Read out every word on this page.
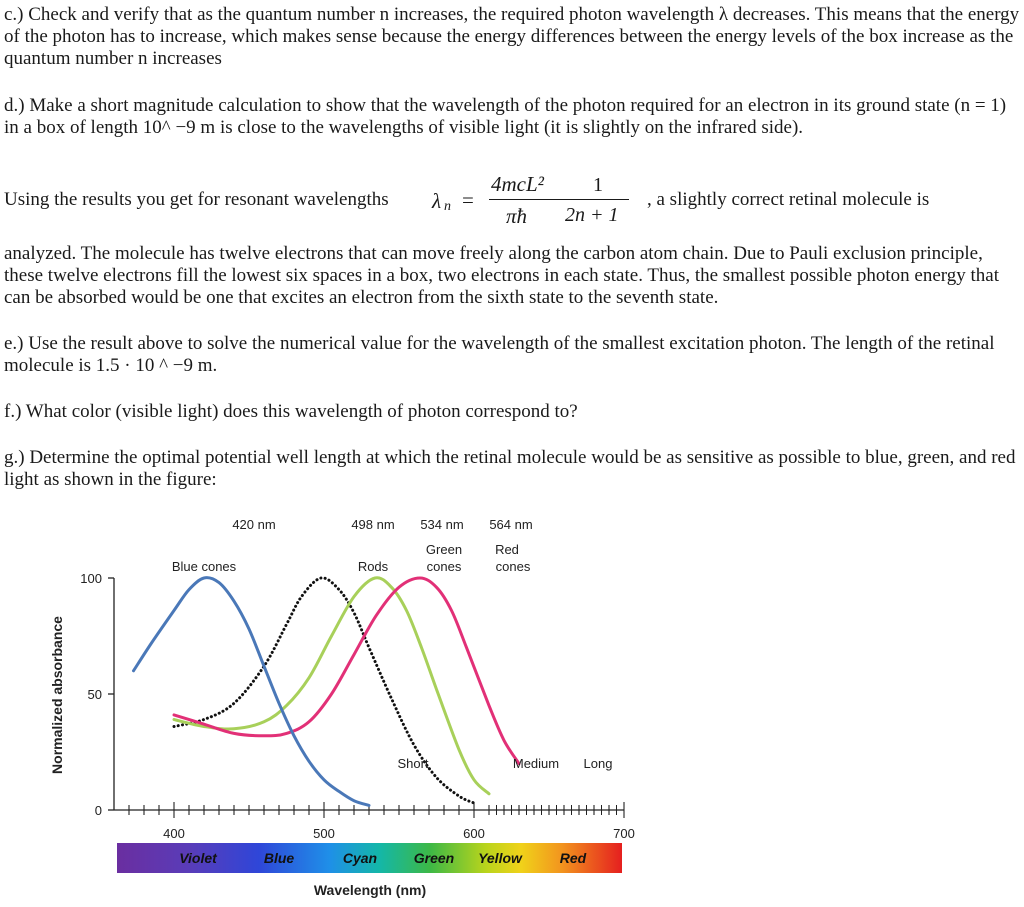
c.) Check and verify that as the quantum number n increases, the required photon wavelength λ decreases. This means that the energy of the photon has to increase, which makes sense because the energy differences between the energy levels of the box increase as the quantum number n increases

d.) Make a short magnitude calculation to show that the wavelength of the photon required for an electron in its ground state (n = 1) in a box of length 10^ −9 m is close to the wavelengths of visible light (it is slightly on the infrared side).

Using the results you get for resonant wavelengths λ n =
4mcL²
πħ
1
2n + 1
, a slightly correct retinal molecule is

analyzed. The molecule has twelve electrons that can move freely along the carbon atom chain. Due to Pauli exclusion principle, these twelve electrons fill the lowest six spaces in a box, two electrons in each state. Thus, the smallest possible photon energy that can be absorbed would be one that excites an electron from the sixth state to the seventh state.

e.) Use the result above to solve the numerical value for the wavelength of the smallest excitation photon. The length of the retinal molecule is 1.5 · 10 ^ −9 m.

f.) What color (visible light) does this wavelength of photon correspond to?

g.) Determine the optimal potential well length at which the retinal molecule would be as sensitive as possible to blue, green, and red light as shown in the figure:

Normalized absorbance
0
50
100
400	500	600	700
420 nm	498 nm 534 nm 564 nm
Blue cones	Rods
Green
cones
Red
cones
Short	Medium Long
Violet	Blue	Cyan	Green Yellow	Red
Wavelength (nm)
